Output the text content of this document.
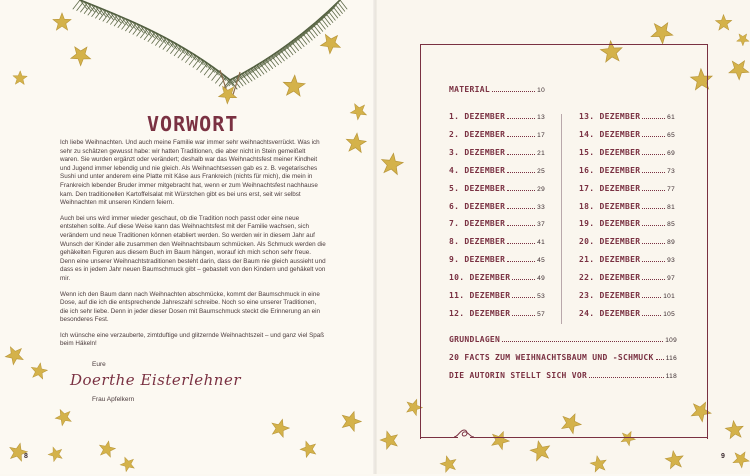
VORWORT

Ich liebe Weihnachten. Und auch meine Familie war immer sehr weihnachtsverrückt. Was ich sehr zu schätzen gewusst habe: wir hatten Traditionen, die aber nicht in Stein gemeißelt waren. Sie wurden ergänzt oder verändert; deshalb war das Weihnachtsfest meiner Kindheit und Jugend immer lebendig und nie gleich. Als Weihnachtsessen gab es z. B. vegetarisches Sushi und unter anderem eine Platte mit Käse aus Frankreich (nichts für mich), die mein in Frankreich lebender Bruder immer mitgebracht hat, wenn er zum Weihnachtsfest nachhause kam. Den traditionellen Kartoffelsalat mit Würstchen gibt es bei uns erst, seit wir selbst Weihnachten mit unseren Kindern feiern.

Auch bei uns wird immer wieder geschaut, ob die Tradition noch passt oder eine neue entstehen sollte. Auf diese Weise kann das Weihnachtsfest mit der Familie wachsen, sich verändern und neue Traditionen können etabliert werden. So werden wir in diesem Jahr auf Wunsch der Kinder alle zusammen den Weihnachtsbaum schmücken. Als Schmuck werden die gehäkelten Figuren aus diesem Buch im Baum hängen, worauf ich mich schon sehr freue. Denn eine unserer Weihnachtstraditionen besteht darin, dass der Baum nie gleich aussieht und dass es in jedem Jahr neuen Baumschmuck gibt – gebastelt von den Kindern und gehäkelt von mir.

Wenn ich den Baum dann nach Weihnachten abschmücke, kommt der Baumschmuck in eine Dose, auf die ich die entsprechende Jahreszahl schreibe. Noch so eine unserer Traditionen, die ich sehr liebe. Denn in jeder dieser Dosen mit Baumschmuck steckt die Erinnerung an ein besonderes Fest.

Ich wünsche eine verzauberte, zimtduftige und glitzernde Weihnachtszeit – und ganz viel Spaß beim Häkeln!

Eure
Doerthe Eisterlehner
Frau Apfelkern
8	9
MATERIAL	10
1. DEZEMBER	13
2. DEZEMBER	17
3. DEZEMBER	21
4. DEZEMBER	25
5. DEZEMBER	29
6. DEZEMBER	33
7. DEZEMBER	37
8. DEZEMBER	41
9. DEZEMBER	45
10. DEZEMBER	49
11. DEZEMBER	53
12. DEZEMBER	57
13. DEZEMBER	61
14. DEZEMBER	65
15. DEZEMBER	69
16. DEZEMBER	73
17. DEZEMBER	77
18. DEZEMBER	81
19. DEZEMBER	85
20. DEZEMBER	89
21. DEZEMBER	93
22. DEZEMBER	97
23. DEZEMBER	101
24. DEZEMBER	105
GRUNDLAGEN	109
20 FACTS ZUM WEIHNACHTSBAUM UND -SCHMUCK 116
DIE AUTORIN STELLT SICH VOR	118
